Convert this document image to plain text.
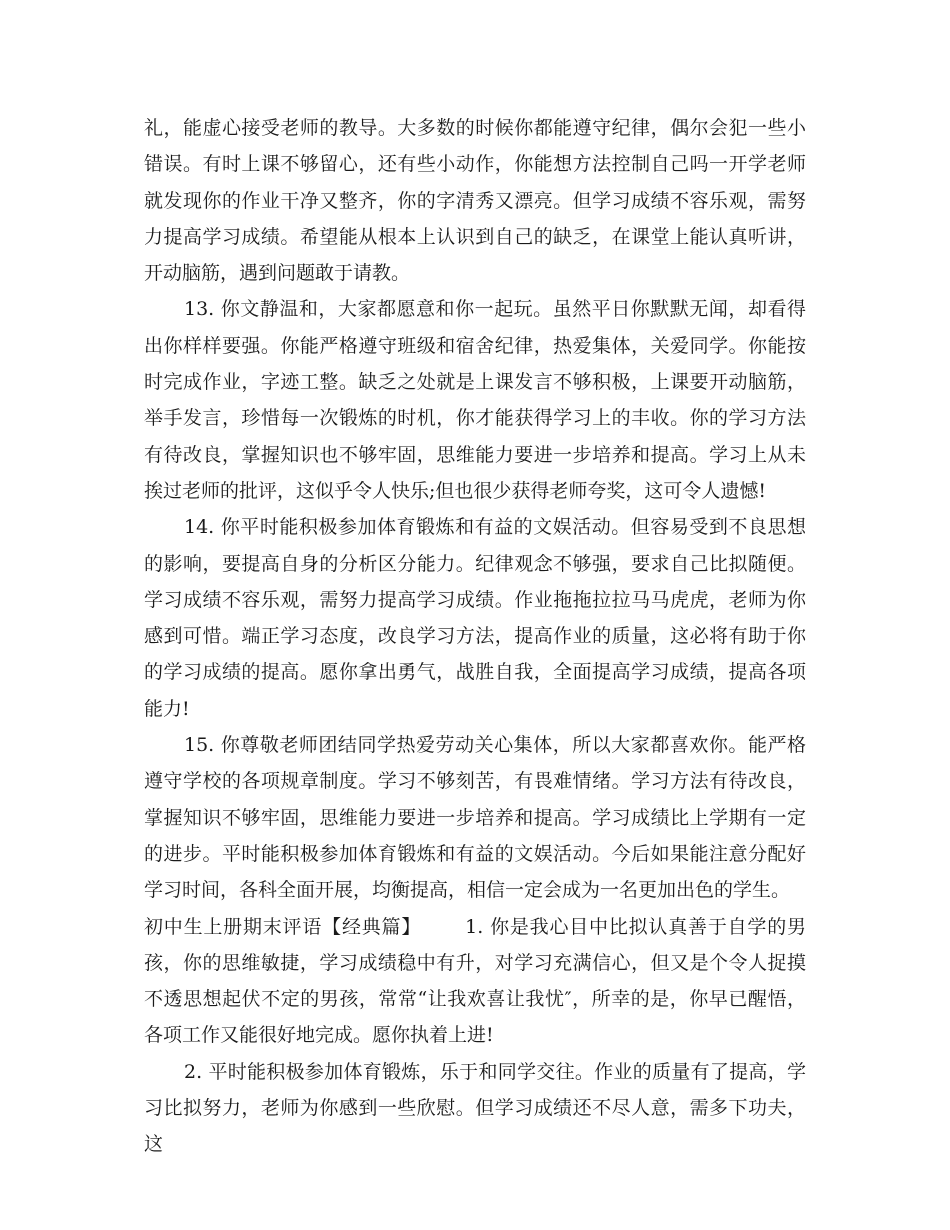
礼，能虚心接受老师的教导。大多数的时候你都能遵守纪律，偶尔会犯一些小错误。有时上课不够留心，还有些小动作，你能想方法控制自己吗一开学老师就发现你的作业干净又整齐，你的字清秀又漂亮。但学习成绩不容乐观，需努力提高学习成绩。希望能从根本上认识到自己的缺乏，在课堂上能认真听讲，开动脑筋，遇到问题敢于请教。

13. 你文静温和，大家都愿意和你一起玩。虽然平日你默默无闻，却看得出你样样要强。你能严格遵守班级和宿舍纪律，热爱集体，关爱同学。你能按时完成作业，字迹工整。缺乏之处就是上课发言不够积极，上课要开动脑筋，举手发言，珍惜每一次锻炼的时机，你才能获得学习上的丰收。你的学习方法有待改良，掌握知识也不够牢固，思维能力要进一步培养和提高。学习上从未挨过老师的批评，这似乎令人快乐;但也很少获得老师夸奖，这可令人遗憾!

14. 你平时能积极参加体育锻炼和有益的文娱活动。但容易受到不良思想的影响，要提高自身的分析区分能力。纪律观念不够强，要求自己比拟随便。学习成绩不容乐观，需努力提高学习成绩。作业拖拖拉拉马马虎虎，老师为你感到可惜。端正学习态度，改良学习方法，提高作业的质量，这必将有助于你的学习成绩的提高。愿你拿出勇气，战胜自我，全面提高学习成绩，提高各项能力!

15. 你尊敬老师团结同学热爱劳动关心集体，所以大家都喜欢你。能严格遵守学校的各项规章制度。学习不够刻苦，有畏难情绪。学习方法有待改良，掌握知识不够牢固，思维能力要进一步培养和提高。学习成绩比上学期有一定的进步。平时能积极参加体育锻炼和有益的文娱活动。今后如果能注意分配好学习时间，各科全面开展，均衡提高，相信一定会成为一名更加出色的学生。

初中生上册期末评语【经典篇】 1. 你是我心目中比拟认真善于自学的男孩，你的思维敏捷，学习成绩稳中有升，对学习充满信心，但又是个令人捉摸不透思想起伏不定的男孩，常常“让我欢喜让我忧″，所幸的是，你早已醒悟，各项工作又能很好地完成。愿你执着上进!

2. 平时能积极参加体育锻炼，乐于和同学交往。作业的质量有了提高，学习比拟努力，老师为你感到一些欣慰。但学习成绩还不尽人意，需多下功夫，这
